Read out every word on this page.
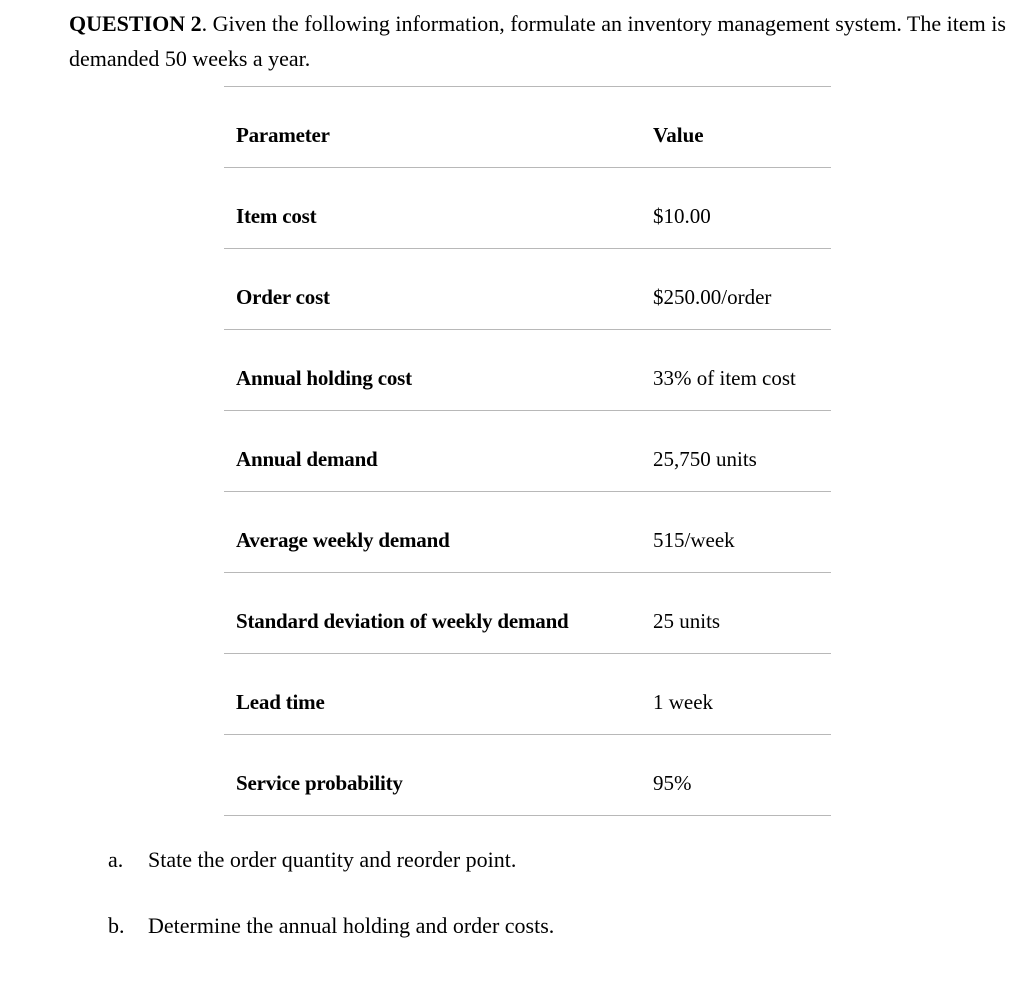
QUESTION 2. Given the following information, formulate an inventory management system. The item is demanded 50 weeks a year.
Parameter	Value
Item cost	$10.00
Order cost	$250.00/order
Annual holding cost	33% of item cost
Annual demand	25,750 units
Average weekly demand	515/week
Standard deviation of weekly demand	25 units
Lead time	1 week
Service probability	95%
a. State the order quantity and reorder point.
b. Determine the annual holding and order costs.
